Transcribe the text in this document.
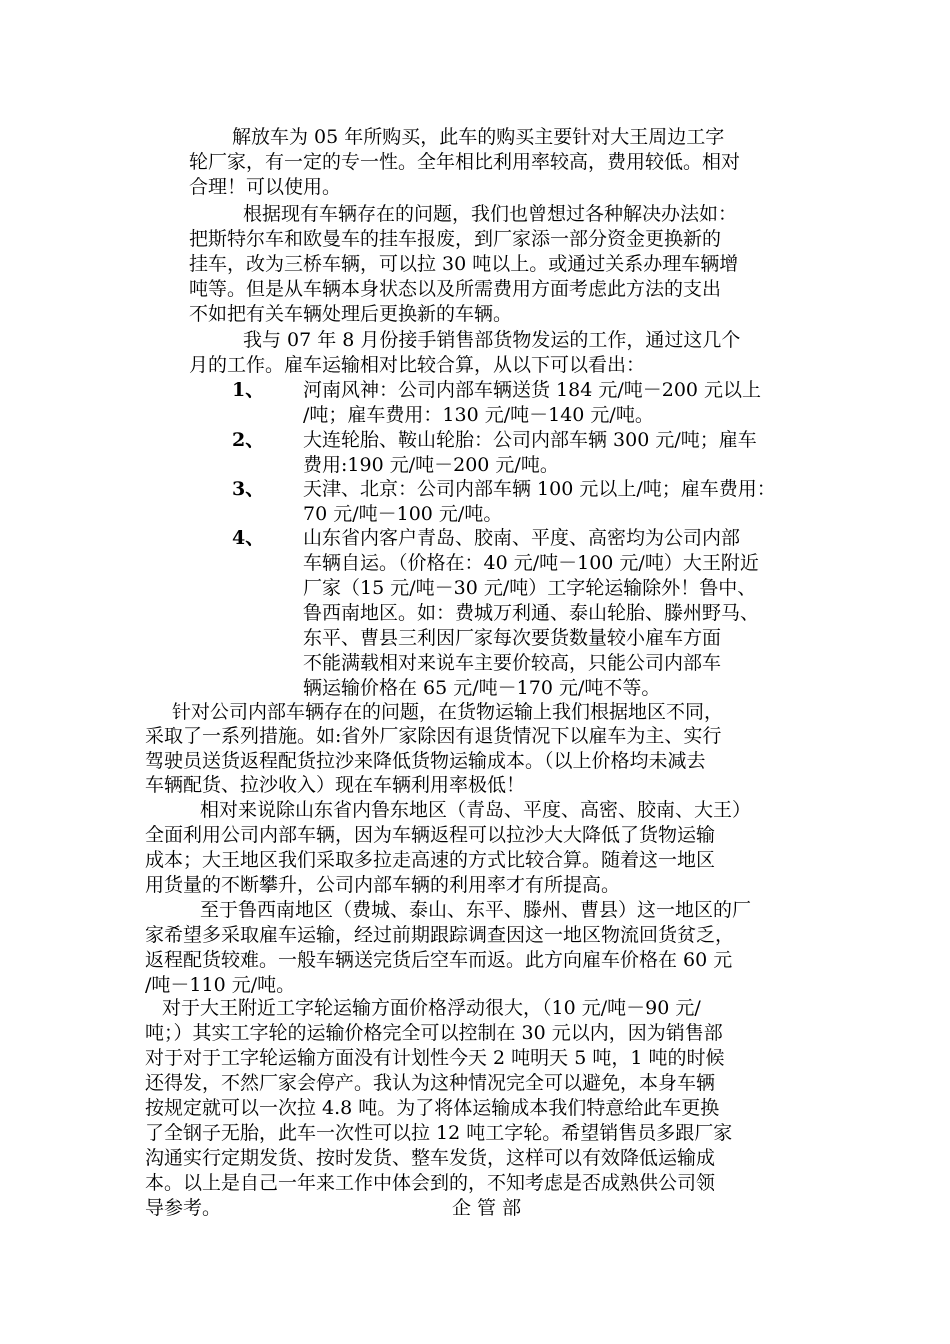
解放车为 05 年所购买，此车的购买主要针对大王周边工字
轮厂家，有一定的专一性。全年相比利用率较高，费用较低。相对
合理！可以使用。
根据现有车辆存在的问题，我们也曾想过各种解决办法如：
把斯特尔车和欧曼车的挂车报废，到厂家添一部分资金更换新的
挂车，改为三桥车辆，可以拉 30 吨以上。或通过关系办理车辆增
吨等。但是从车辆本身状态以及所需费用方面考虑此方法的支出
不如把有关车辆处理后更换新的车辆。
我与 07 年 8 月份接手销售部货物发运的工作，通过这几个
月的工作。雇车运输相对比较合算，从以下可以看出：
1、 河南风神：公司内部车辆送货 184 元/吨－200 元以上
/吨；雇车费用：130 元/吨－140 元/吨。
2、 大连轮胎、鞍山轮胎：公司内部车辆 300 元/吨；雇车
费用:190 元/吨－200 元/吨。
3、 天津、北京：公司内部车辆 100 元以上/吨；雇车费用：
70 元/吨－100 元/吨。
4、 山东省内客户青岛、胶南、平度、高密均为公司内部
车辆自运。（价格在：40 元/吨－100 元/吨）大王附近
厂家（15 元/吨－30 元/吨）工字轮运输除外！鲁中、
鲁西南地区。如：费城万利通、泰山轮胎、滕州野马、
东平、曹县三利因厂家每次要货数量较小雇车方面
不能满载相对来说车主要价较高，只能公司内部车
辆运输价格在 65 元/吨－170 元/吨不等。
针对公司内部车辆存在的问题，在货物运输上我们根据地区不同，
采取了一系列措施。如:省外厂家除因有退货情况下以雇车为主、实行
驾驶员送货返程配货拉沙来降低货物运输成本。（以上价格均未减去
车辆配货、拉沙收入）现在车辆利用率极低！
相对来说除山东省内鲁东地区（青岛、平度、高密、胶南、大王）
全面利用公司内部车辆，因为车辆返程可以拉沙大大降低了货物运输
成本；大王地区我们采取多拉走高速的方式比较合算。随着这一地区
用货量的不断攀升，公司内部车辆的利用率才有所提高。
至于鲁西南地区（费城、泰山、东平、滕州、曹县）这一地区的厂
家希望多采取雇车运输，经过前期跟踪调查因这一地区物流回货贫乏，
返程配货较难。一般车辆送完货后空车而返。此方向雇车价格在 60 元
/吨－110 元/吨。
对于大王附近工字轮运输方面价格浮动很大，（10 元/吨－90 元/
吨；）其实工字轮的运输价格完全可以控制在 30 元以内，因为销售部
对于对于工字轮运输方面没有计划性今天 2 吨明天 5 吨，1 吨的时候
还得发，不然厂家会停产。我认为这种情况完全可以避免，本身车辆
按规定就可以一次拉 4.8 吨。为了将体运输成本我们特意给此车更换
了全钢子无胎，此车一次性可以拉 12 吨工字轮。希望销售员多跟厂家
沟通实行定期发货、按时发货、整车发货，这样可以有效降低运输成
本。以上是自己一年来工作中体会到的，不知考虑是否成熟供公司领
导参考。	企 管 部
